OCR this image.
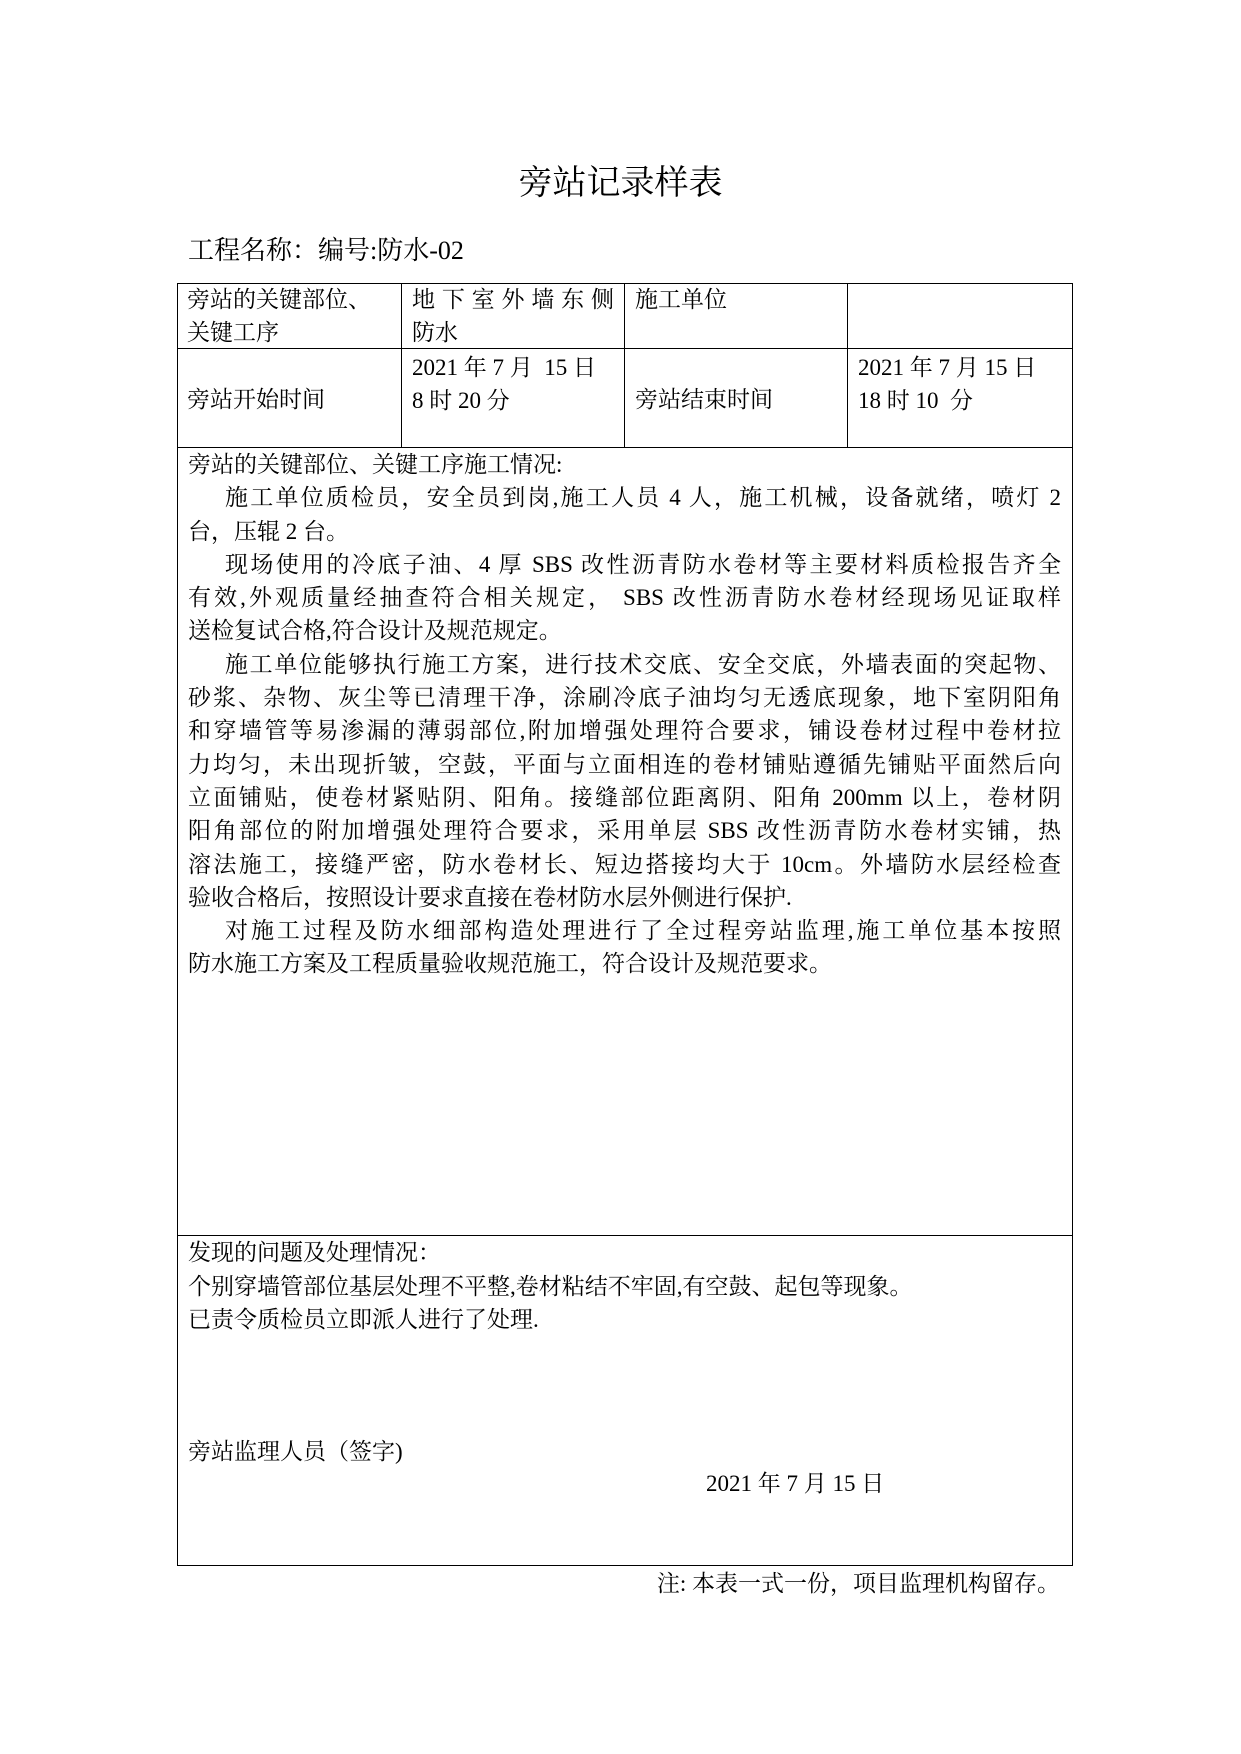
旁站记录样表
工程名称：编号:防水-02
旁站的关键部位、
关键工序
地 下 室 外 墙 东 侧
防水
施工单位
旁站开始时间
2021 年 7 月  15 日
8 时 20 分	旁站结束时间
2021 年 7 月 15 日
18 时 10  分
旁站的关键部位、关键工序施工情况:
施工单位质检员，安全员到岗,施工人员 4 人，施工机械，设备就绪，喷灯 2
台，压辊 2 台。
现场使用的冷底子油、4 厚 SBS 改性沥青防水卷材等主要材料质检报告齐全
有效,外观质量经抽查符合相关规定， SBS 改性沥青防水卷材经现场见证取样
送检复试合格,符合设计及规范规定。
施工单位能够执行施工方案，进行技术交底、安全交底，外墙表面的突起物、
砂浆、杂物、灰尘等已清理干净，涂刷冷底子油均匀无透底现象，地下室阴阳角
和穿墙管等易渗漏的薄弱部位,附加增强处理符合要求，铺设卷材过程中卷材拉
力均匀，未出现折皱，空鼓，平面与立面相连的卷材铺贴遵循先铺贴平面然后向
立面铺贴，使卷材紧贴阴、阳角。接缝部位距离阴、阳角 200mm 以上，卷材阴
阳角部位的附加增强处理符合要求，采用单层 SBS 改性沥青防水卷材实铺，热
溶法施工，接缝严密，防水卷材长、短边搭接均大于 10cm。外墙防水层经检查
验收合格后，按照设计要求直接在卷材防水层外侧进行保护.
对施工过程及防水细部构造处理进行了全过程旁站监理,施工单位基本按照
防水施工方案及工程质量验收规范施工，符合设计及规范要求。
发现的问题及处理情况：
个别穿墙管部位基层处理不平整,卷材粘结不牢固,有空鼓、起包等现象。
已责令质检员立即派人进行了处理.
旁站监理人员（签字)
2021 年 7 月 15 日
注: 本表一式一份，项目监理机构留存。
